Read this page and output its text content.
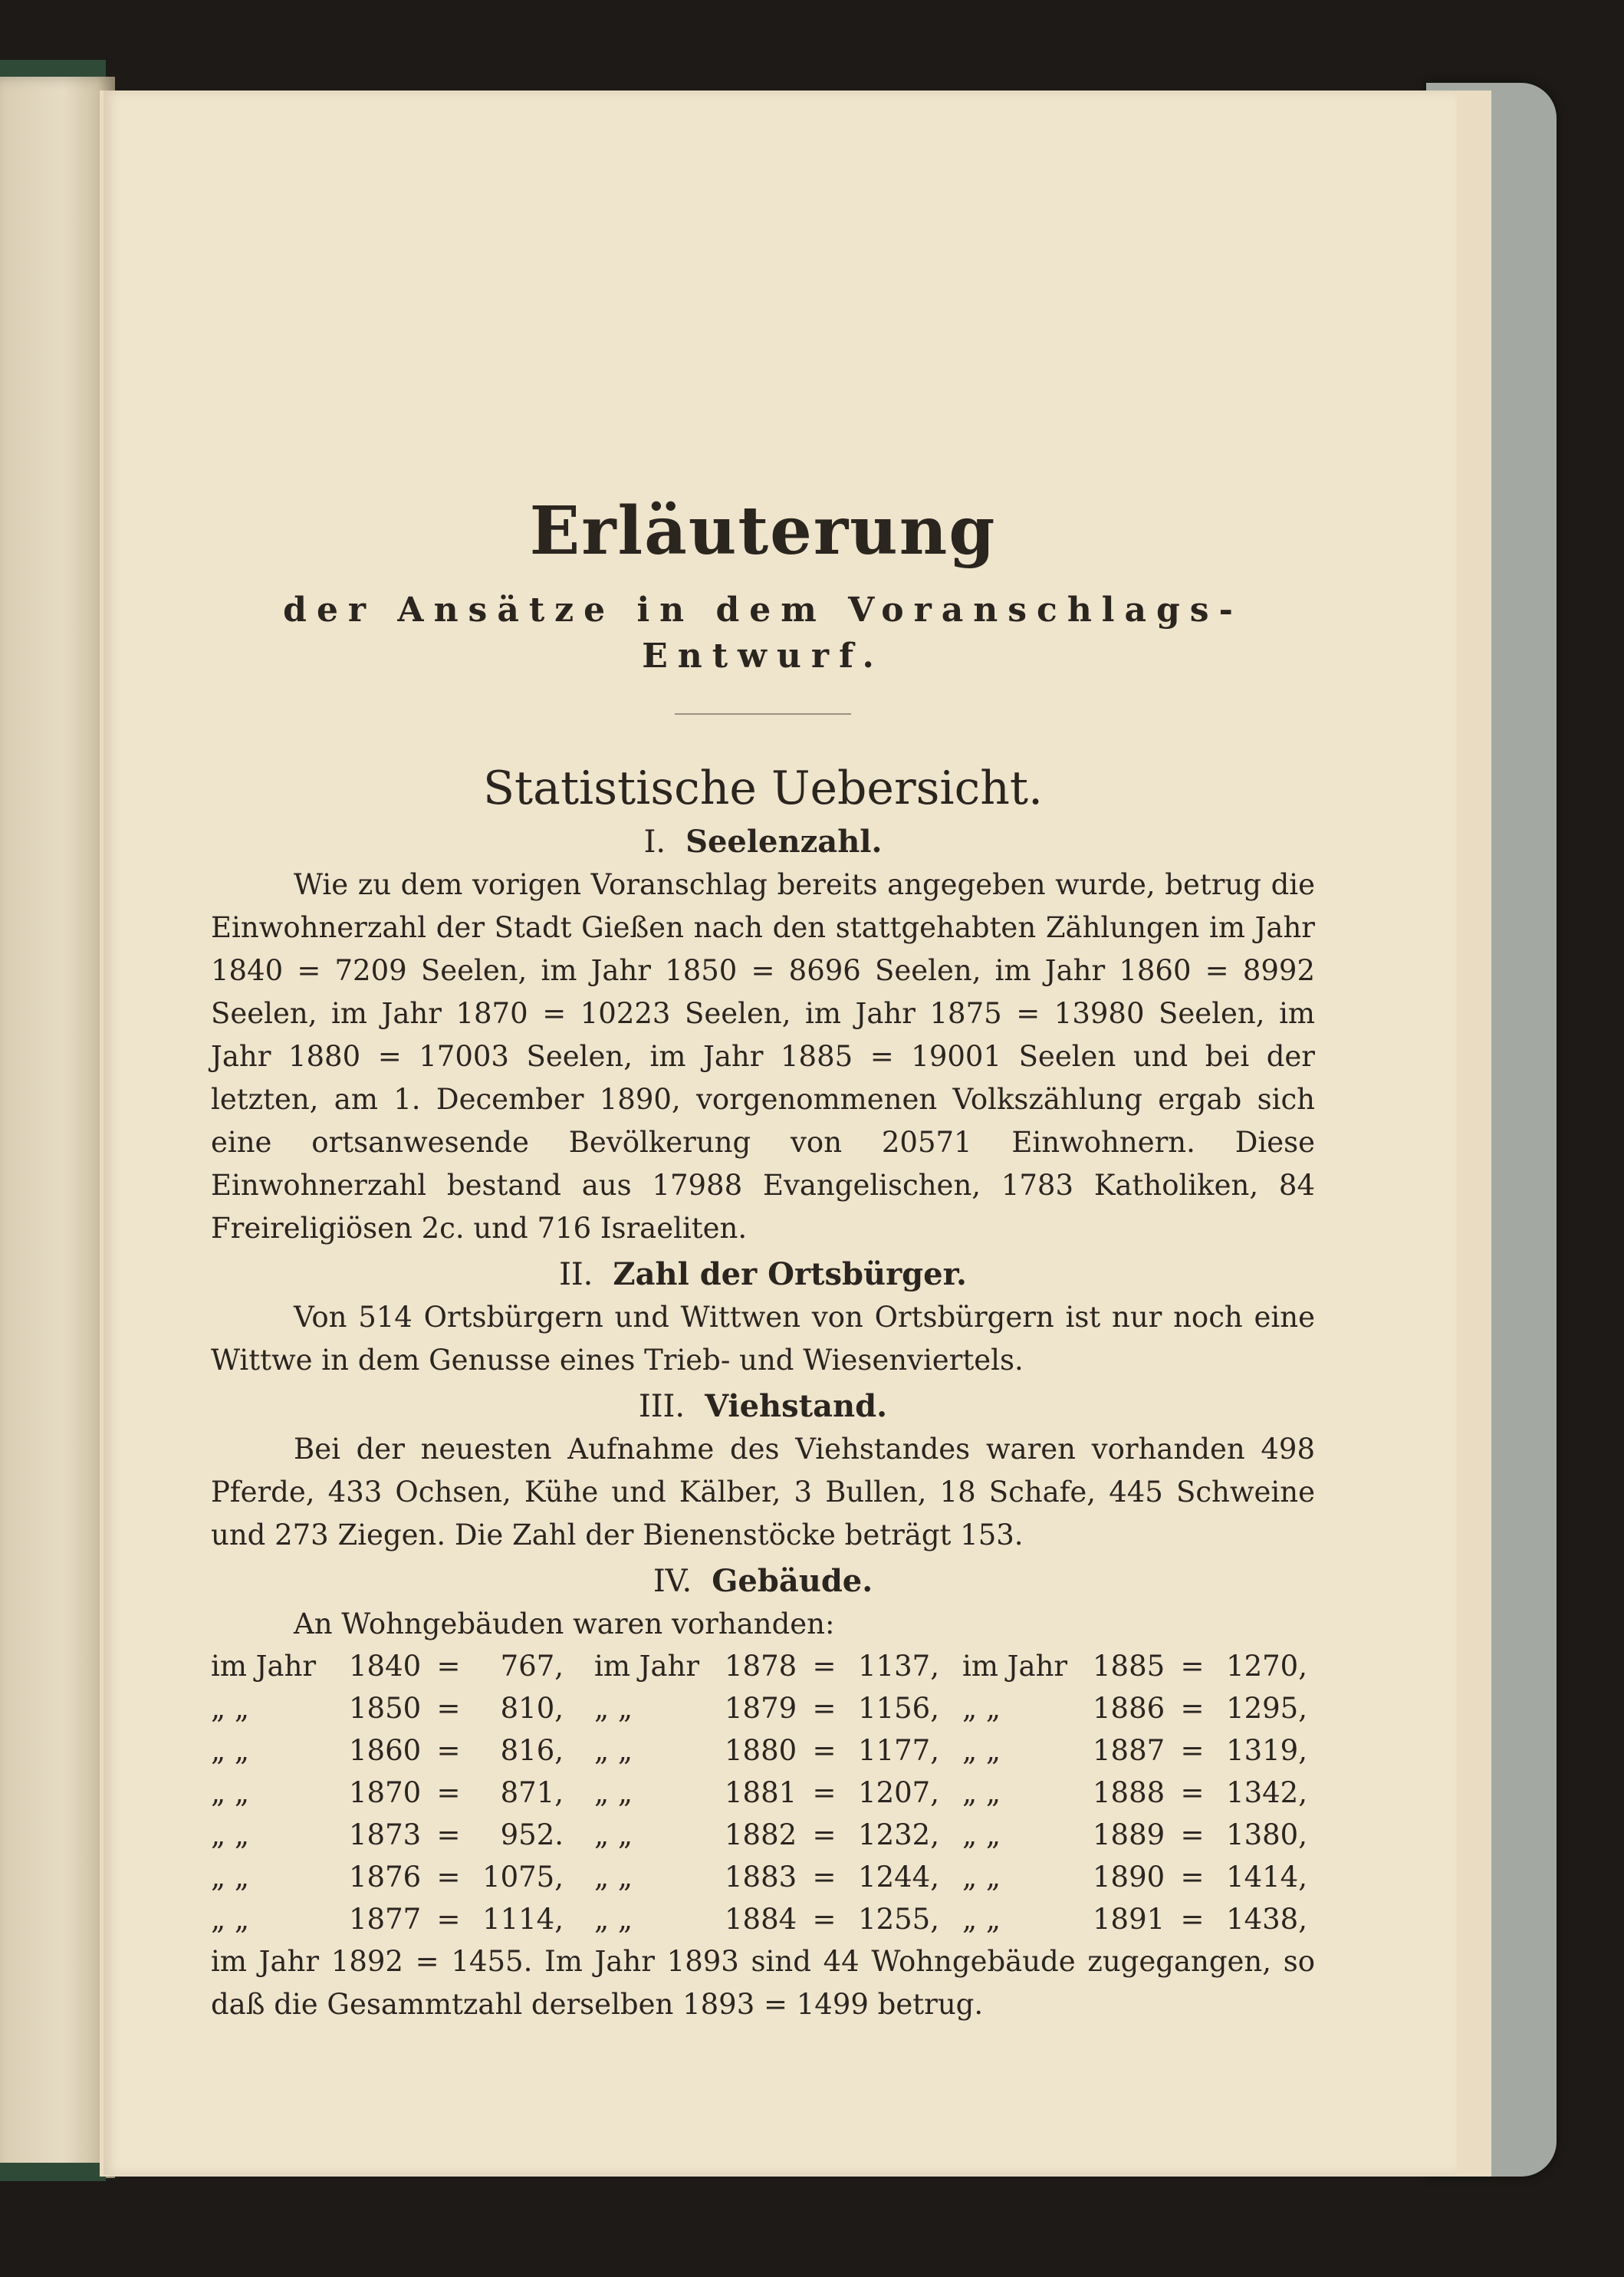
Erläuterung
der Ansätze in dem Voranschlags-Entwurf.
Statistische Uebersicht.
I. Seelenzahl.

Wie zu dem vorigen Voranschlag bereits angegeben wurde, betrug die Einwohnerzahl der Stadt Gießen nach den stattgehabten Zählungen im Jahr 1840 = 7209 Seelen, im Jahr 1850 = 8696 Seelen, im Jahr 1860 = 8992 Seelen, im Jahr 1870 = 10223 Seelen, im Jahr 1875 = 13980 Seelen, im Jahr 1880 = 17003 Seelen, im Jahr 1885 = 19001 Seelen und bei der letzten, am 1. December 1890, vorgenommenen Volkszählung ergab sich eine ortsanwesende Bevölkerung von 20571 Einwohnern. Diese Einwohnerzahl bestand aus 17988 Evangelischen, 1783 Katholiken, 84 Freireligiösen 2c. und 716 Israeliten.

II. Zahl der Ortsbürger.

Von 514 Ortsbürgern und Wittwen von Ortsbürgern ist nur noch eine Wittwe in dem Genusse eines Trieb- und Wiesenviertels.

III. Viehstand.

Bei der neuesten Aufnahme des Viehstandes waren vorhanden 498 Pferde, 433 Ochsen, Kühe und Kälber, 3 Bullen, 18 Schafe, 445 Schweine und 273 Ziegen. Die Zahl der Bienenstöcke beträgt 153.

IV. Gebäude.
An Wohngebäuden waren vorhanden:
im Jahr	1840 =	767,	im Jahr 1878 = 1137, im Jahr 1885 = 1270,
„ „	1850 =	810,	„ „	1879 = 1156, „ „	1886 = 1295,
„ „	1860 =	816,	„ „	1880 = 1177, „ „	1887 = 1319,
„ „	1870 =	871,	„ „	1881 = 1207, „ „	1888 = 1342,
„ „	1873 =	952.	„ „	1882 = 1232, „ „	1889 = 1380,
„ „	1876 = 1075,	„ „	1883 = 1244, „ „	1890 = 1414,
„ „	1877 = 1114,	„ „	1884 = 1255, „ „	1891 = 1438,

im Jahr 1892 = 1455. Im Jahr 1893 sind 44 Wohngebäude zugegangen, so daß die Gesammtzahl derselben 1893 = 1499 betrug.
